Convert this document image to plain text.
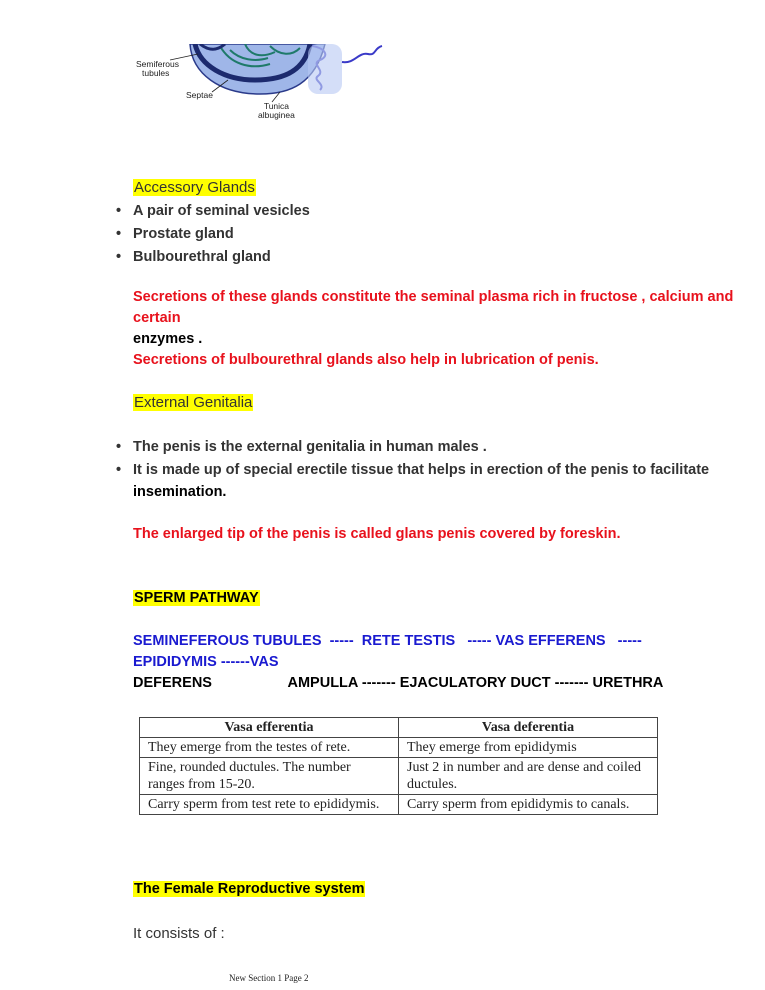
Semiferous
tubules
Septae
Tunica
albuginea
Accessory Glands
• A pair of seminal vesicles
• Prostate gland
• Bulbourethral gland
Secretions of these glands constitute the seminal plasma rich in fructose , calcium and
certain
enzymes .
Secretions of bulbourethral glands also help in lubrication of penis.
External Genitalia
• The penis is the external genitalia in human males .
• It is made up of special erectile tissue that helps in erection of the penis to facilitate
insemination.
The enlarged tip of the penis is called glans penis covered by foreskin.
SPERM PATHWAY
SEMINEFEROUS TUBULES  -----  RETE TESTIS   ----- VAS EFFERENS   -----
EPIDIDYMIS ------VAS
DEFERENS	AMPULLA ------- EJACULATORY DUCT ------- URETHRA
Vasa efferentia	Vasa deferentia
They emerge from the testes of rete.	They emerge from epididymis
Fine, rounded ductules. The number ranges from 15-20.	Just 2 in number and are dense and coiled ductules.
Carry sperm from test rete to epididymis.	Carry sperm from epididymis to canals.
The Female Reproductive system
It consists of :
New Section 1 Page 2
